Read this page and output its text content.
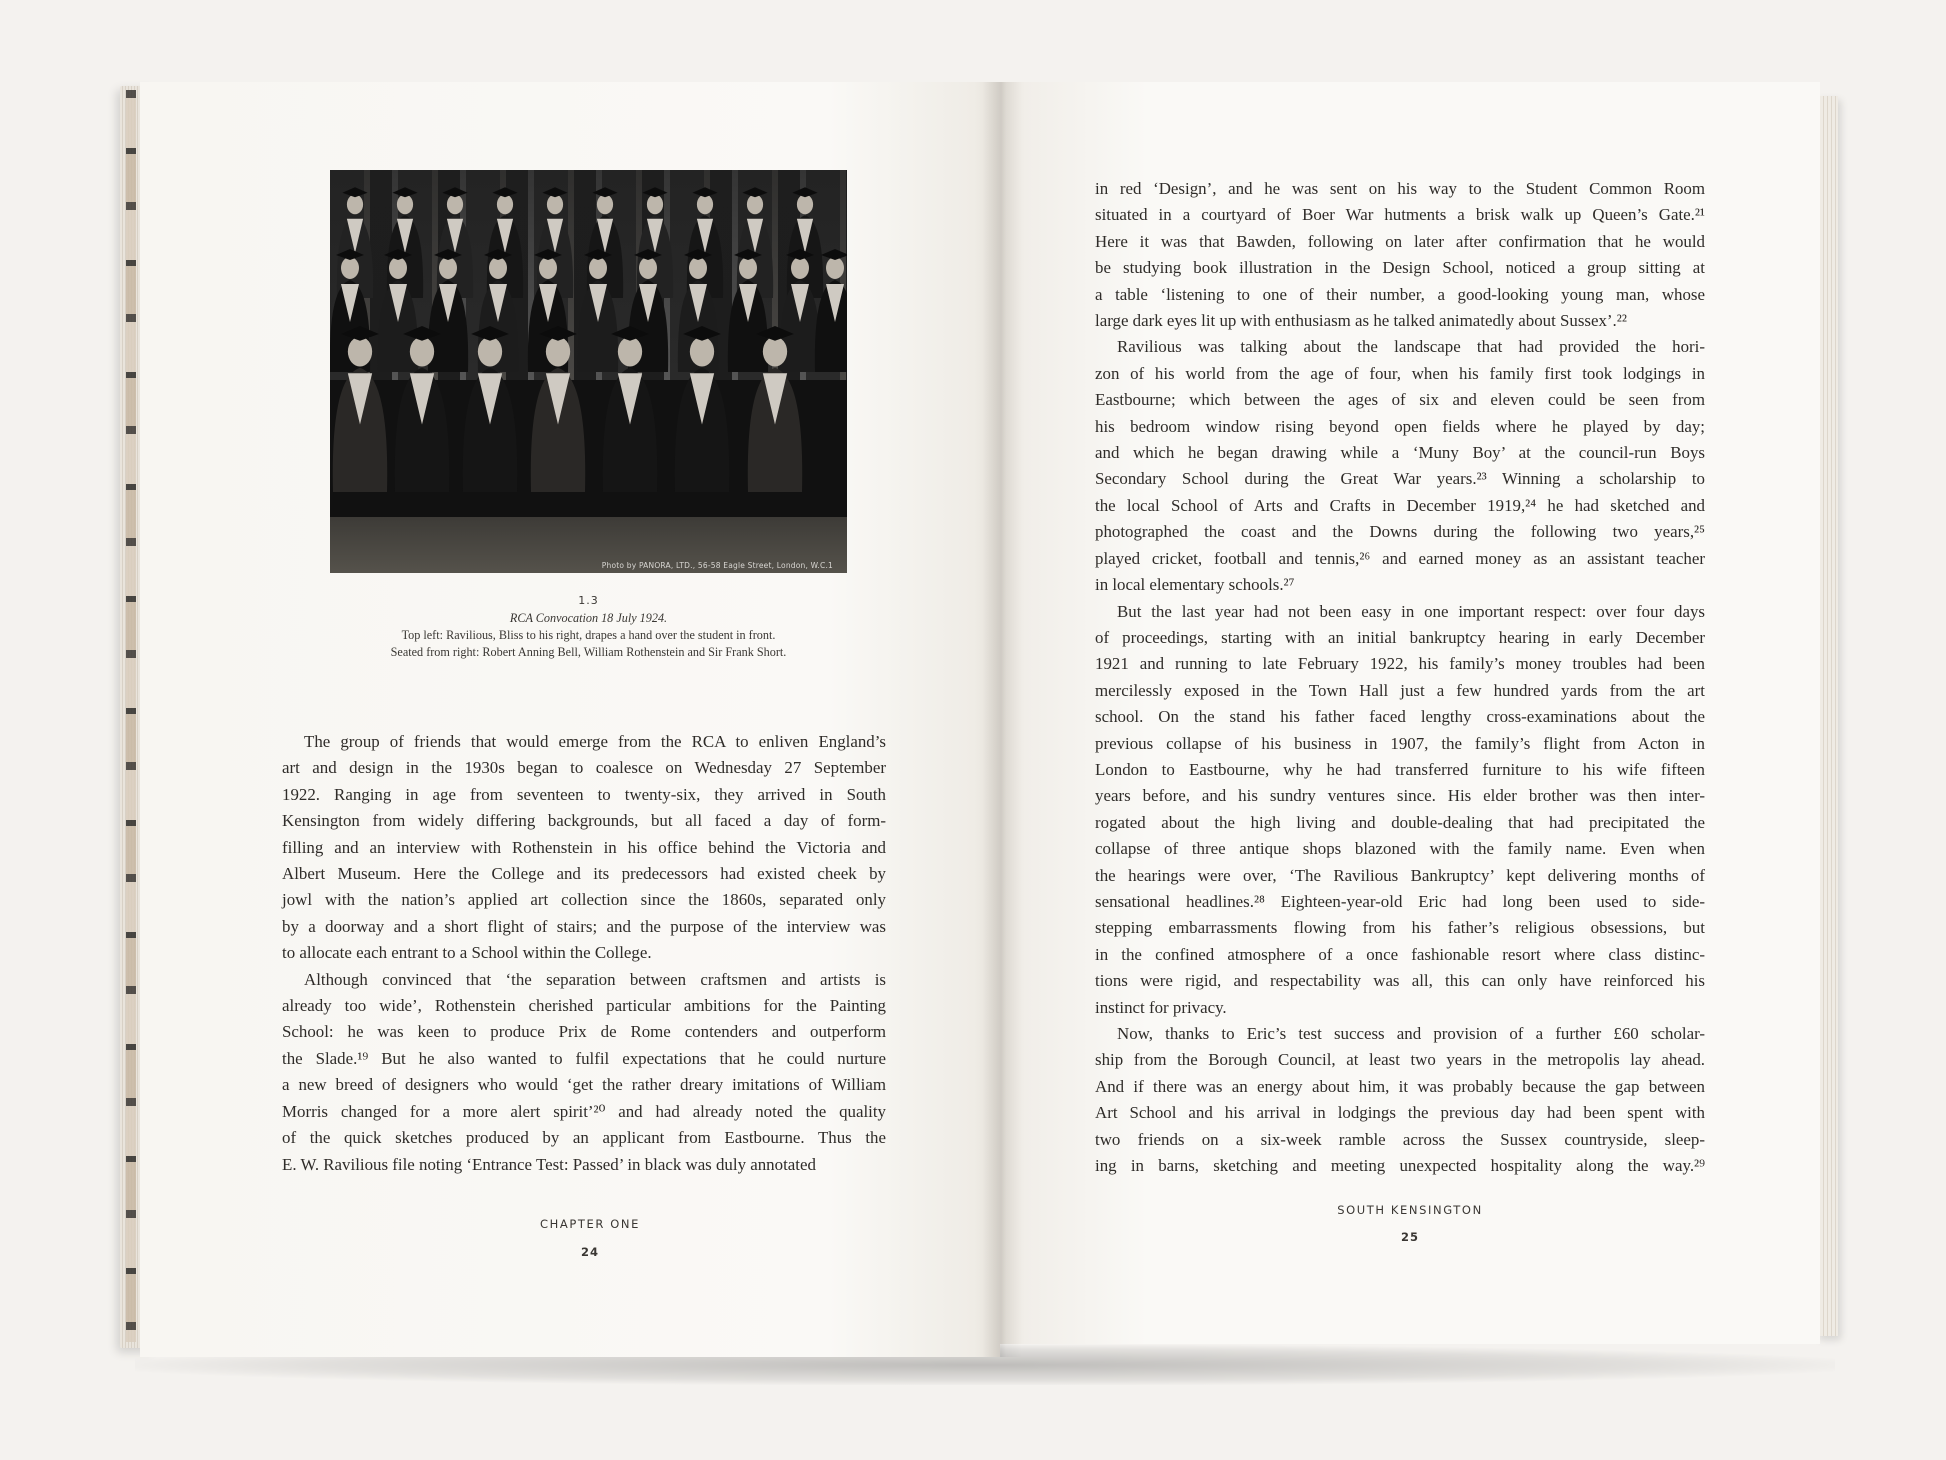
Photo by PANORA, LTD., 56-58 Eagle Street, London, W.C.1
1.3
RCA Convocation 18 July 1924.
Top left: Ravilious, Bliss to his right, drapes a hand over the student in front.
Seated from right: Robert Anning Bell, William Rothenstein and Sir Frank Short.
The group of friends that would emerge from the RCA to enliven England’s
art and design in the 1930s began to coalesce on Wednesday 27 September
1922. Ranging in age from seventeen to twenty-six, they arrived in South
Kensington from widely differing backgrounds, but all faced a day of form-
filling and an interview with Rothenstein in his office behind the Victoria and
Albert Museum. Here the College and its predecessors had existed cheek by
jowl with the nation’s applied art collection since the 1860s, separated only
by a doorway and a short flight of stairs; and the purpose of the interview was
to allocate each entrant to a School within the College.
Although convinced that ‘the separation between craftsmen and artists is
already too wide’, Rothenstein cherished particular ambitions for the Painting
School: he was keen to produce Prix de Rome contenders and outperform
the Slade.¹⁹ But he also wanted to fulfil expectations that he could nurture
a new breed of designers who would ‘get the rather dreary imitations of William
Morris changed for a more alert spirit’²⁰ and had already noted the quality
of the quick sketches produced by an applicant from Eastbourne. Thus the
E. W. Ravilious file noting ‘Entrance Test: Passed’ in black was duly annotated
in red ‘Design’, and he was sent on his way to the Student Common Room
situated in a courtyard of Boer War hutments a brisk walk up Queen’s Gate.²¹
Here it was that Bawden, following on later after confirmation that he would
be studying book illustration in the Design School, noticed a group sitting at
a table ‘listening to one of their number, a good-looking young man, whose
large dark eyes lit up with enthusiasm as he talked animatedly about Sussex’.²²
Ravilious was talking about the landscape that had provided the hori-
zon of his world from the age of four, when his family first took lodgings in
Eastbourne; which between the ages of six and eleven could be seen from
his bedroom window rising beyond open fields where he played by day;
and which he began drawing while a ‘Muny Boy’ at the council-run Boys
Secondary School during the Great War years.²³ Winning a scholarship to
the local School of Arts and Crafts in December 1919,²⁴ he had sketched and
photographed the coast and the Downs during the following two years,²⁵
played cricket, football and tennis,²⁶ and earned money as an assistant teacher
in local elementary schools.²⁷
But the last year had not been easy in one important respect: over four days
of proceedings, starting with an initial bankruptcy hearing in early December
1921 and running to late February 1922, his family’s money troubles had been
mercilessly exposed in the Town Hall just a few hundred yards from the art
school. On the stand his father faced lengthy cross-examinations about the
previous collapse of his business in 1907, the family’s flight from Acton in
London to Eastbourne, why he had transferred furniture to his wife fifteen
years before, and his sundry ventures since. His elder brother was then inter-
rogated about the high living and double-dealing that had precipitated the
collapse of three antique shops blazoned with the family name. Even when
the hearings were over, ‘The Ravilious Bankruptcy’ kept delivering months of
sensational headlines.²⁸ Eighteen-year-old Eric had long been used to side-
stepping embarrassments flowing from his father’s religious obsessions, but
in the confined atmosphere of a once fashionable resort where class distinc-
tions were rigid, and respectability was all, this can only have reinforced his
instinct for privacy.
Now, thanks to Eric’s test success and provision of a further £60 scholar-
ship from the Borough Council, at least two years in the metropolis lay ahead.
And if there was an energy about him, it was probably because the gap between
Art School and his arrival in lodgings the previous day had been spent with
two friends on a six-week ramble across the Sussex countryside, sleep-
ing in barns, sketching and meeting unexpected hospitality along the way.²⁹
CHAPTER ONE
24
SOUTH KENSINGTON
25
